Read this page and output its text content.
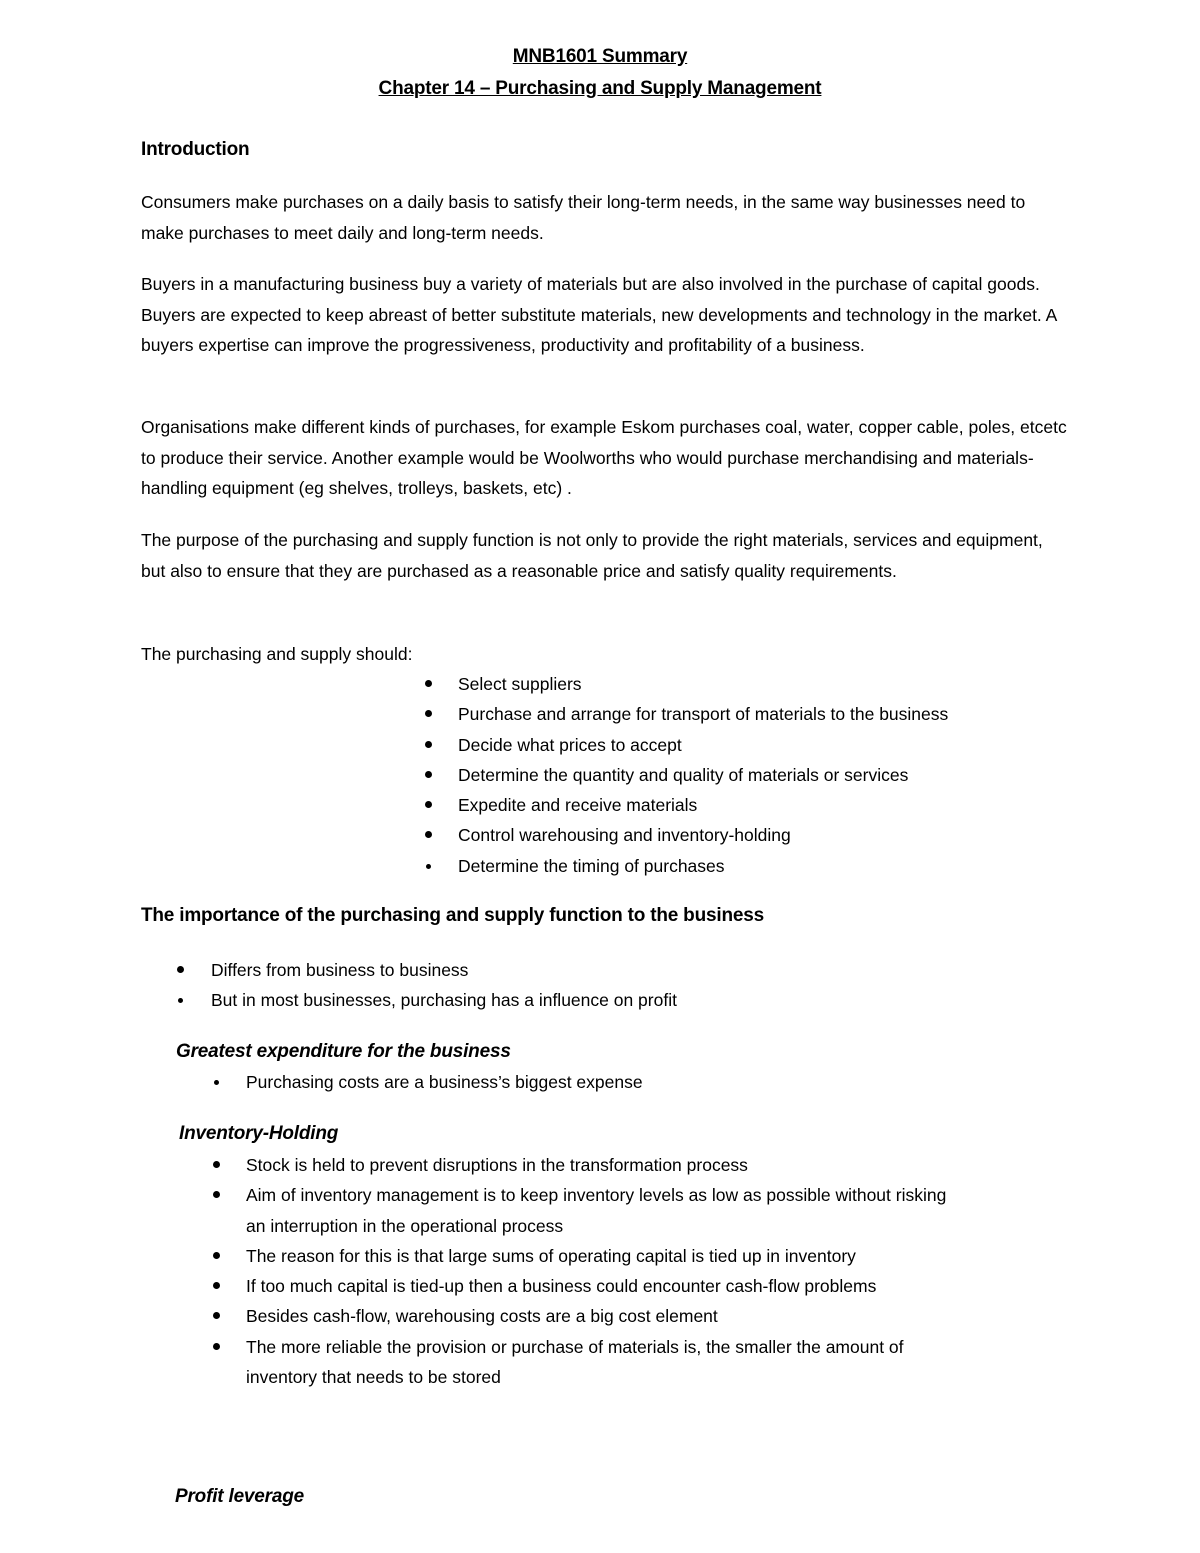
MNB1601 Summary
Chapter 14 – Purchasing and Supply Management
Introduction
Consumers make purchases on a daily basis to satisfy their long-term needs, in the same way businesses need to make purchases to meet daily and long-term needs.
Buyers in a manufacturing business buy a variety of materials but are also involved in the purchase of capital goods. Buyers are expected to keep abreast of better substitute materials, new developments and technology in the market. A buyers expertise can improve the progressiveness, productivity and profitability of a business.
Organisations make different kinds of purchases, for example Eskom purchases coal, water, copper cable, poles, etcetc to produce their service. Another example would be Woolworths who would purchase merchandising and materials-handling equipment (eg shelves, trolleys, baskets, etc) .
The purpose of the purchasing and supply function is not only to provide the right materials, services and equipment, but also to ensure that they are purchased as a reasonable price and satisfy quality requirements.
The purchasing and supply should:
Select suppliers
Purchase and arrange for transport of materials to the business
Decide what prices to accept
Determine the quantity and quality of materials or services
Expedite and receive materials
Control warehousing and inventory-holding
Determine the timing of purchases
The importance of the purchasing and supply function to the business
Differs from business to business
But in most businesses, purchasing has a influence on profit
Greatest expenditure for the business
Purchasing costs are a business’s biggest expense
Inventory-Holding
Stock is held to prevent disruptions in the transformation process
Aim of inventory management is to keep inventory levels as low as possible without risking
an interruption in the operational process
The reason for this is that large sums of operating capital is tied up in inventory
If too much capital is tied-up then a business could encounter cash-flow problems
Besides cash-flow, warehousing costs are a big cost element
The more reliable the provision or purchase of materials is, the smaller the amount of
inventory that needs to be stored
Profit leverage
